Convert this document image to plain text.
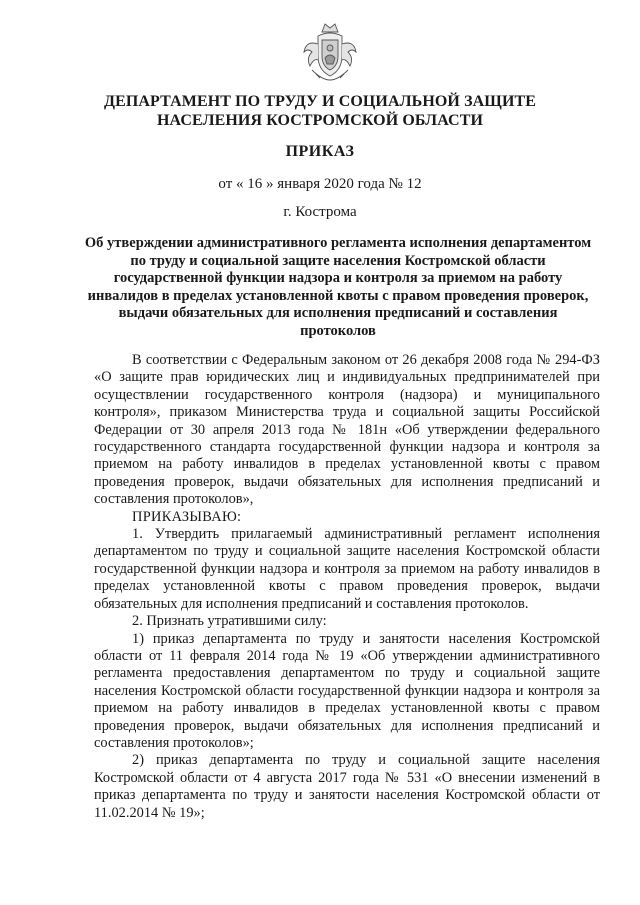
ДЕПАРТАМЕНТ ПО ТРУДУ И СОЦИАЛЬНОЙ ЗАЩИТЕ
НАСЕЛЕНИЯ КОСТРОМСКОЙ ОБЛАСТИ
ПРИКАЗ
от « 16 » января 2020 года № 12
г. Кострома
Об утверждении административного регламента исполнения департаментом по труду и социальной защите населения Костромской области государственной функции надзора и контроля за приемом на работу инвалидов в пределах установленной квоты с правом проведения проверок, выдачи обязательных для исполнения предписаний и составления протоколов

В соответствии с Федеральным законом от 26 декабря 2008 года № 294-ФЗ «О защите прав юридических лиц и индивидуальных предпринимателей при осуществлении государственного контроля (надзора) и муниципального контроля», приказом Министерства труда и социальной защиты Российской Федерации от 30 апреля 2013 года № 181н «Об утверждении федерального государственного стандарта государственной функции надзора и контроля за приемом на работу инвалидов в пределах установленной квоты с правом проведения проверок, выдачи обязательных для исполнения предписаний и составления протоколов»,

ПРИКАЗЫВАЮ:

1. Утвердить прилагаемый административный регламент исполнения департаментом по труду и социальной защите населения Костромской области государственной функции надзора и контроля за приемом на работу инвалидов в пределах установленной квоты с правом проведения проверок, выдачи обязательных для исполнения предписаний и составления протоколов.

2. Признать утратившими силу:

1) приказ департамента по труду и занятости населения Костромской области от 11 февраля 2014 года № 19 «Об утверждении административного регламента предоставления департаментом по труду и социальной защите населения Костромской области государственной функции надзора и контроля за приемом на работу инвалидов в пределах установленной квоты с правом проведения проверок, выдачи обязательных для исполнения предписаний и составления протоколов»;

2) приказ департамента по труду и социальной защите населения Костромской области от 4 августа 2017 года № 531 «О внесении изменений в приказ департамента по труду и занятости населения Костромской области от 11.02.2014 № 19»;
